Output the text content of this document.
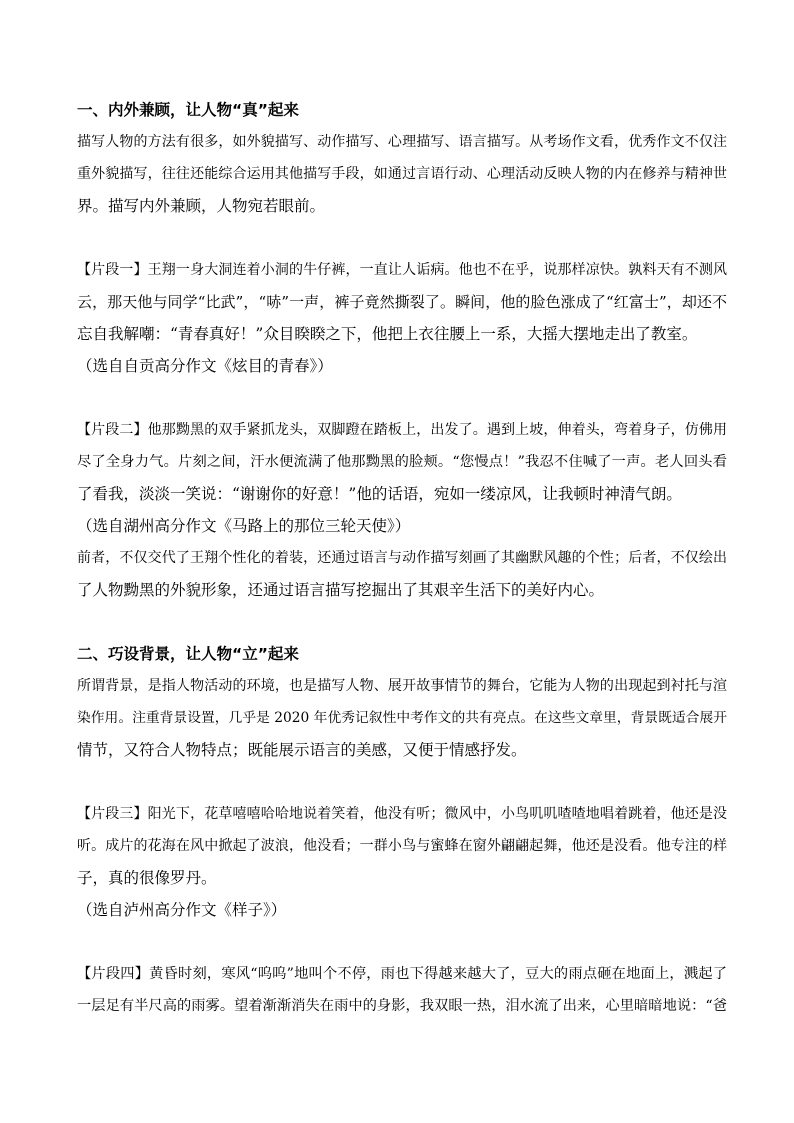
一、内外兼顾，让人物“真”起来
描写人物的方法有很多，如外貌描写、动作描写、心理描写、语言描写。从考场作文看，优秀作文不仅注
重外貌描写，往往还能综合运用其他描写手段，如通过言语行动、心理活动反映人物的内在修养与精神世
界。描写内外兼顾，人物宛若眼前。
【片段一】王翔一身大洞连着小洞的牛仔裤，一直让人诟病。他也不在乎，说那样凉快。孰料天有不测风
云，那天他与同学“比武”，“哧”一声，裤子竟然撕裂了。瞬间，他的脸色涨成了“红富士”，却还不
忘自我解嘲：“青春真好！”众目睽睽之下，他把上衣往腰上一系，大摇大摆地走出了教室。
（选自自贡高分作文《炫目的青春》）
【片段二】他那黝黑的双手紧抓龙头，双脚蹬在踏板上，出发了。遇到上坡，伸着头，弯着身子，仿佛用
尽了全身力气。片刻之间，汗水便流满了他那黝黑的脸颊。“您慢点！”我忍不住喊了一声。老人回头看
了看我，淡淡一笑说：“谢谢你的好意！”他的话语，宛如一缕凉风，让我顿时神清气朗。
（选自湖州高分作文《马路上的那位三轮天使》）
前者，不仅交代了王翔个性化的着装，还通过语言与动作描写刻画了其幽默风趣的个性；后者，不仅绘出
了人物黝黑的外貌形象，还通过语言描写挖掘出了其艰辛生活下的美好内心。
二、巧设背景，让人物“立”起来
所谓背景，是指人物活动的环境，也是描写人物、展开故事情节的舞台，它能为人物的出现起到衬托与渲
染作用。注重背景设置，几乎是 2020 年优秀记叙性中考作文的共有亮点。在这些文章里，背景既适合展开
情节，又符合人物特点；既能展示语言的美感，又便于情感抒发。
【片段三】阳光下，花草嘻嘻哈哈地说着笑着，他没有听；微风中，小鸟叽叽喳喳地唱着跳着，他还是没
听。成片的花海在风中掀起了波浪，他没看；一群小鸟与蜜蜂在窗外翩翩起舞，他还是没看。他专注的样
子，真的很像罗丹。
（选自泸州高分作文《样子》）
【片段四】黄昏时刻，寒风“呜呜”地叫个不停，雨也下得越来越大了，豆大的雨点砸在地面上，溅起了
一层足有半尺高的雨雾。望着渐渐消失在雨中的身影，我双眼一热，泪水流了出来，心里暗暗地说：“爸
